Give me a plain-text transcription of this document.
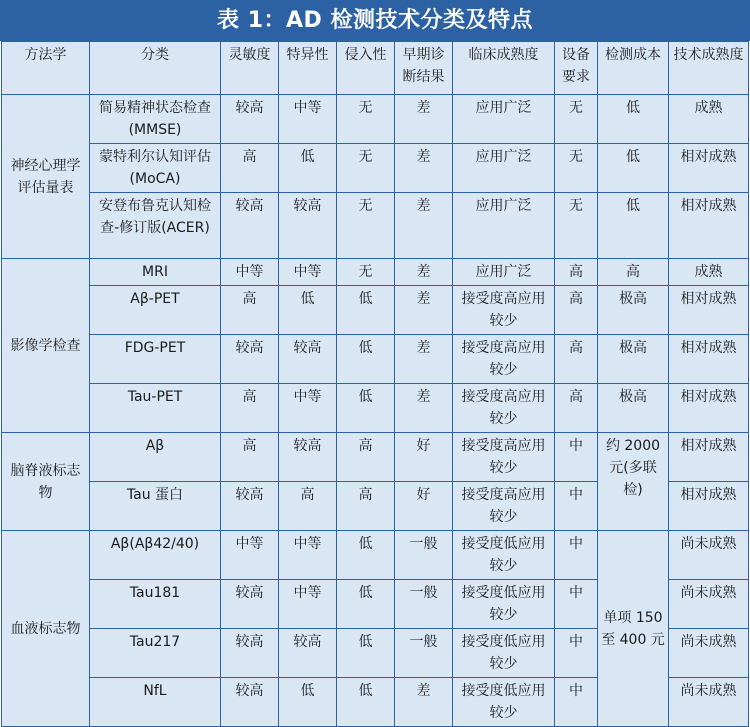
表 1：AD 检测技术分类及特点
方法学	分类	灵敏度	特异性	侵入性	早期诊断结果	临床成熟度	设备要求	检测成本	技术成熟度
神经心理学评估量表	简易精神状态检查(MMSE)	较高	中等	无	差	应用广泛	无	低	成熟
	蒙特利尔认知评估(MoCA)	高	低	无	差	应用广泛	无	低	相对成熟
	安登布鲁克认知检查-修订版(ACER)	较高	较高	无	差	应用广泛	无	低	相对成熟
影像学检查	MRI	中等	中等	无	差	应用广泛	高	高	成熟
	Aβ-PET	高	低	低	差	接受度高应用较少	高	极高	相对成熟
	FDG-PET	较高	较高	低	差	接受度高应用较少	高	极高	相对成熟
	Tau-PET	高	中等	低	差	接受度高应用较少	高	极高	相对成熟
脑脊液标志物	Aβ	高	较高	高	好	接受度高应用较少	中	约 2000 元(多联检)	相对成熟
	Tau 蛋白	较高	高	高	好	接受度高应用较少	中		相对成熟
血液标志物	Aβ(Aβ42/40)	中等	中等	低	一般	接受度低应用较少	中	单项 150 至 400 元	尚未成熟
	Tau181	较高	中等	低	一般	接受度低应用较少	中		尚未成熟
	Tau217	较高	较高	低	一般	接受度低应用较少	中		尚未成熟
	NfL	较高	低	低	差	接受度低应用较少	中		尚未成熟
